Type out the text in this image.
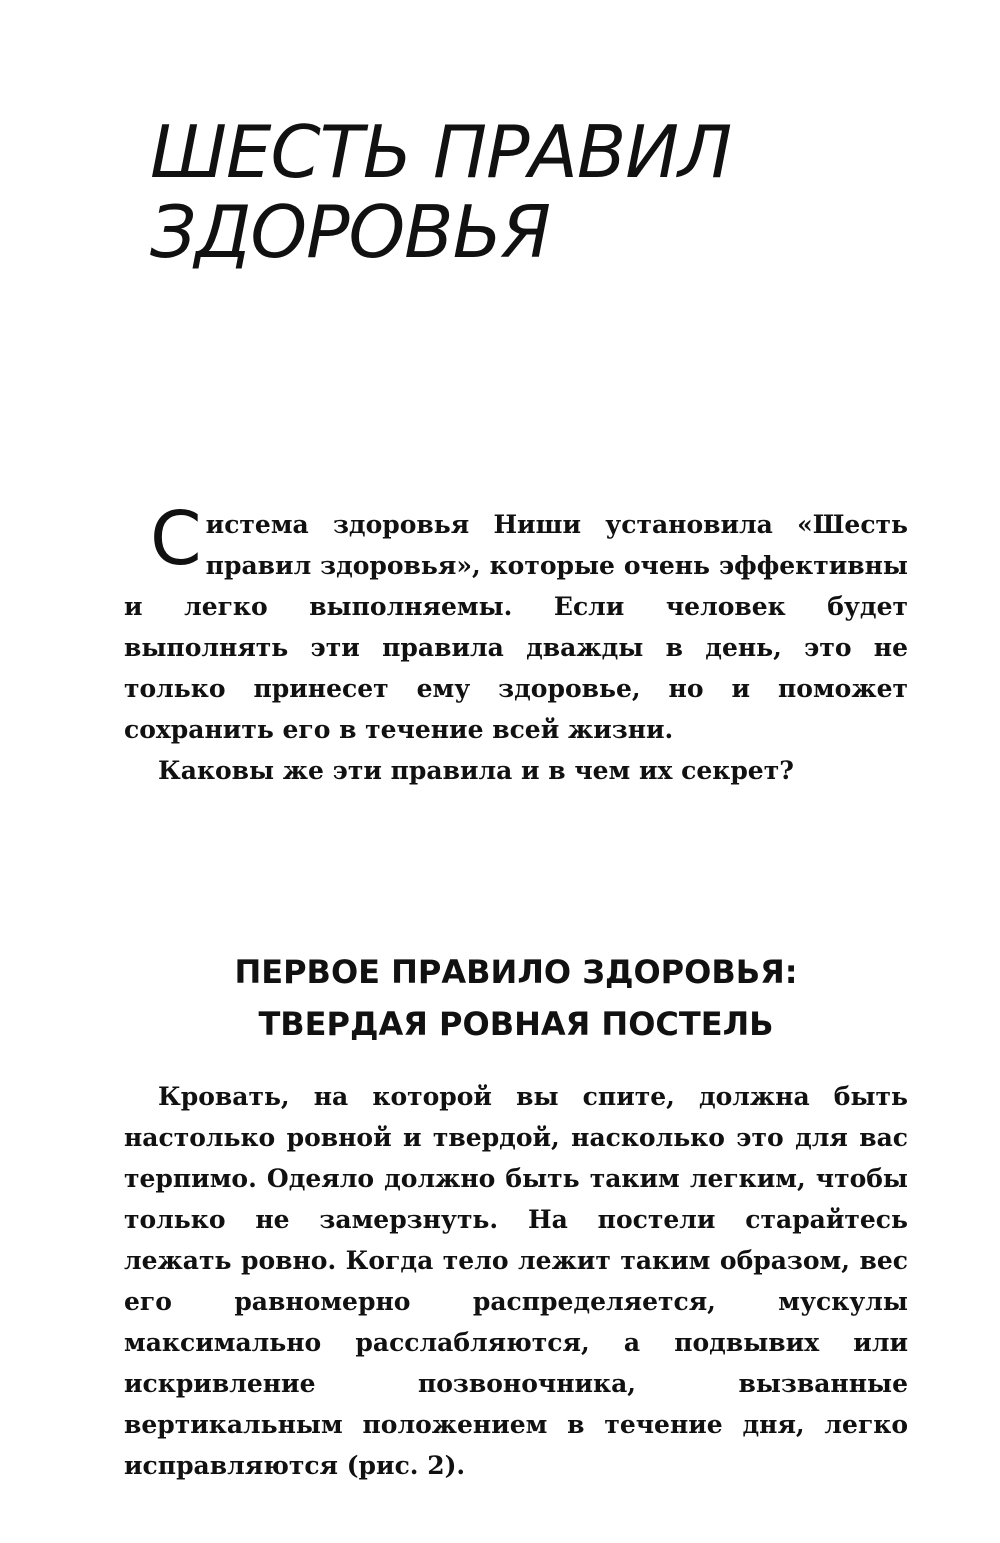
ШЕСТЬ ПРАВИЛ
ЗДОРОВЬЯ

Система здоровья Ниши установила «Шесть правил здоровья», которые очень эффективны и легко выполняемы. Если человек будет выполнять эти правила дважды в день, это не только принесет ему здоровье, но и поможет сохранить его в течение всей жизни.

Каковы же эти правила и в чем их секрет?

ПЕРВОЕ ПРАВИЛО ЗДОРОВЬЯ:
ТВЕРДАЯ РОВНАЯ ПОСТЕЛЬ

Кровать, на которой вы спите, должна быть настолько ровной и твердой, насколько это для вас терпимо. Одеяло должно быть таким легким, чтобы только не замерзнуть. На постели старайтесь лежать ровно. Когда тело лежит таким образом, вес его равномерно распределяется, мускулы максимально расслабляются, а подвывих или искривление позвоночника, вызванные вертикальным положением в течение дня, легко исправляются (рис. 2).
